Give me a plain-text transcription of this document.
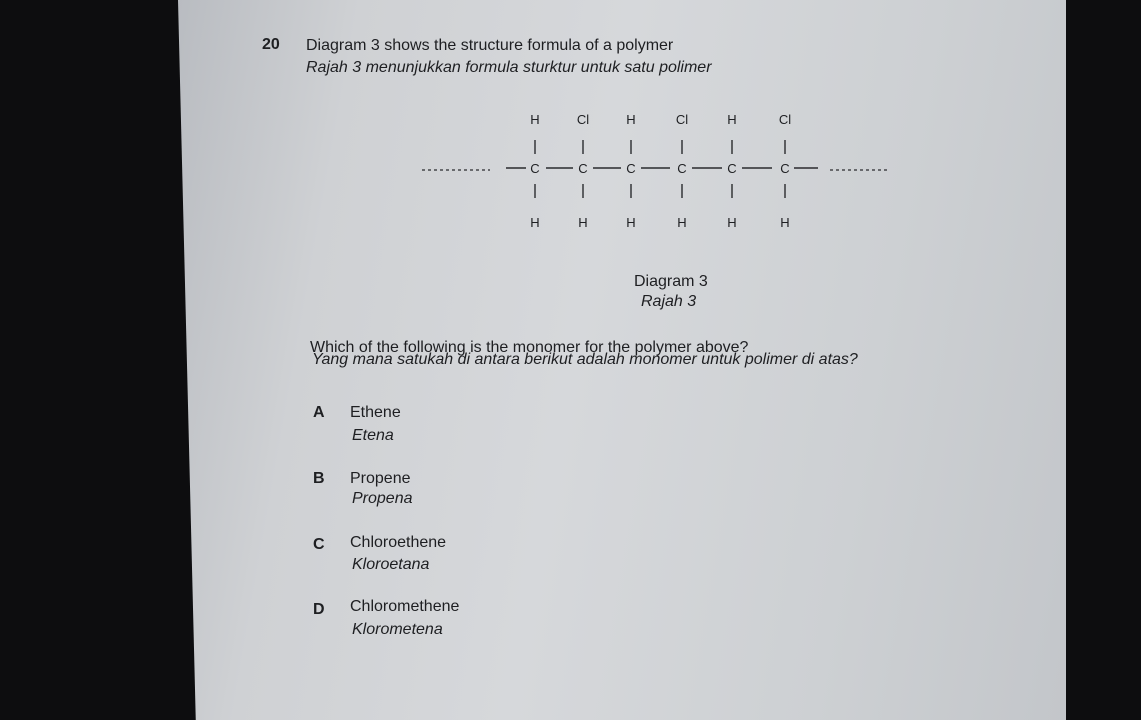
20 Diagram 3 shows the structure formula of a polymer
Rajah 3 menunjukkan formula sturktur untuk satu polimer
H	Cl	H	Cl	H	Cl
C	C	C	C	C	C
H	H	H	H	H	H
Diagram 3
Rajah 3
Which of the following is the monomer for the polymer above?
Yang mana satukah di antara berikut adalah monomer untuk polimer di atas?
A Ethene
Etena
B Propene
Propena
C Chloroethene
Kloroetana
D Chloromethene
Klorometena
